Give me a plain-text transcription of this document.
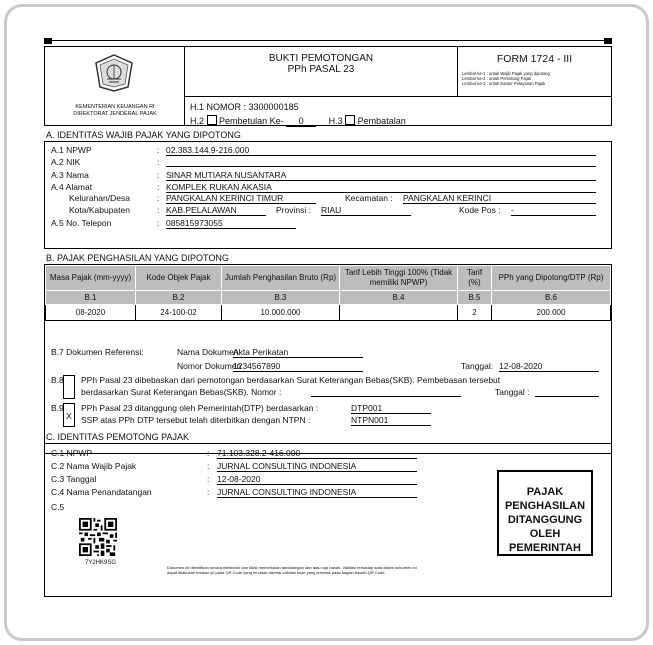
KEMENTERIAN KEUANGAN RI
DIREKTORAT JENDERAL PAJAK
BUKTI PEMOTONGAN
PPh PASAL 23
FORM 1724 - III
Lembar ke-1 : untuk Wajib Pajak yang dipotong
Lembar ke-2 : untuk Pemotong Pajak
Lembar ke-3 : untuk Kantor Pelayanan Pajak
H.1 NOMOR : 3300000185
H.2 Pembetulan Ke- 0	H.3 Pembatalan
A. IDENTITAS WAJIB PAJAK YANG DIPOTONG
A.1 NPWP	: 02.383.144.9-216.000
A.2 NIK	:
A.3 Nama	: SINAR MUTIARA NUSANTARA
A.4 Alamat	: KOMPLEK RUKAN AKASIA
Kelurahan/Desa	: PANGKALAN KERINCI TIMUR	Kecamatan : PANGKALAN KERINCI
Kota/Kabupaten	: KAB.PELALAWAN	Provinsi : RIAU	Kode Pos : -
A.5 No. Telepon	: 085815973055
B. PAJAK PENGHASILAN YANG DIPOTONG
Masa Pajak (mm-yyyy)	Kode Objek Pajak	Jumlah Penghasilan Bruto (Rp)	Tarif Lebih Tinggi 100% (Tidak memiliki NPWP)	Tarif (%)	PPh yang Dipotong/DTP (Rp)
B.1	B.2	B.3	B.4	B.5	B.6
08-2020	24-100-02	10.000.000		2	200.000
B.7 Dokumen Referensi:	Nama Dokumen
Akta Perikatan
Nomor Dokumen
1234567890	Tanggal: 12-08-2020
B.8 PPh Pasal 23 dibebaskan dari pemotongan berdasarkan Surat Keterangan Bebas(SKB). Pembebasan tersebut
berdasarkan Surat Keterangan Bebas(SKB). Nomor :	Tanggal :
B.9
X
PPh Pasal 23 ditanggung oleh Pemerintah(DTP) berdasarkan :	DTP001
SSP atas PPh DTP tersebut telah diterbitkan dengan NTPN :	NTPN001
C. IDENTITAS PEMOTONG PAJAK
C.1 NPWP	: 71.103.328.2-416.000
C.2 Nama Wajib Pajak	: JURNAL CONSULTING INDONESIA
C.3 Tanggal	: 12-08-2020
C.4 Nama Penandatangan	: JURNAL CONSULTING INDONESIA
C.5
7Y2HK9SG
PAJAK
PENGHASILAN
DITANGGUNG
OLEH
PEMERINTAH
Dokumen ini diterbitkan secara elektronik dan tidak memerlukan tandatangan dan atau cap basah. Validasi terhadap data dalam dokumen ini
dapat dilakukan melalui url pada QR Code yang tercetak disertai validasi kode yang tercetak pada bagian bawah QR Code.
